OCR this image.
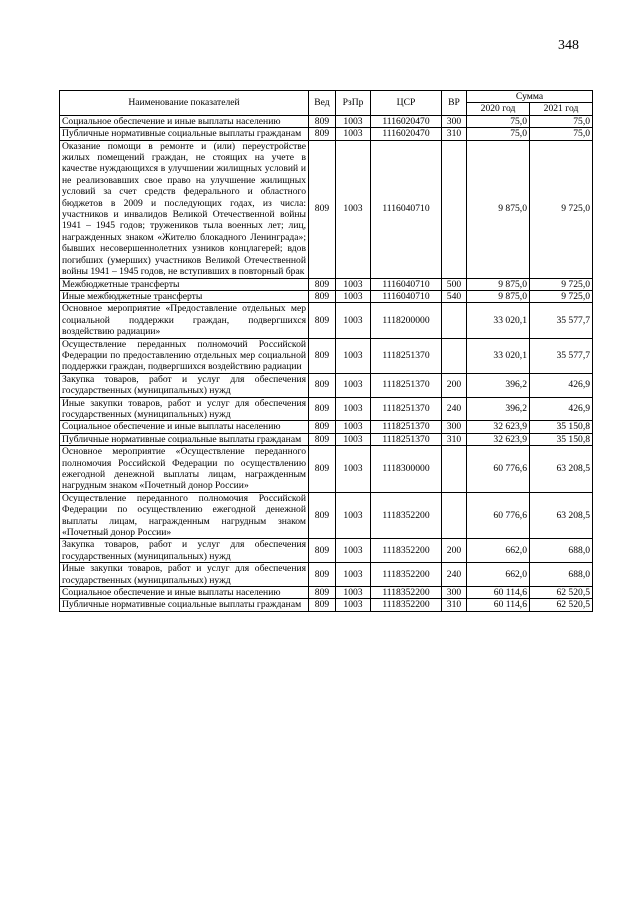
348
Наименование показателей	Вед	РзПр	ЦСР	ВР	Сумма	
					2020 год	2021 год
Социальное обеспечение и иные выплаты населению	809	1003	1116020470	300	75,0	75,0
Публичные нормативные социальные выплаты гражданам	809	1003	1116020470	310	75,0	75,0
Оказание помощи в ремонте и (или) переустройстве жилых помещений граждан, не стоящих на учете в качестве нуждающихся в улучшении жилищных условий и не реализовавших свое право на улучшение жилищных условий за счет средств федерального и областного бюджетов в 2009 и последующих годах, из числа: участников и инвалидов Великой Отечественной войны 1941 – 1945 годов; тружеников тыла военных лет; лиц, награжденных знаком «Жителю блокадного Ленинграда»; бывших несовершеннолетних узников концлагерей; вдов погибших (умерших) участников Великой Отечественной войны 1941 – 1945 годов, не вступивших в повторный брак	809	1003	1116040710		9 875,0	9 725,0
Межбюджетные трансферты	809	1003	1116040710	500	9 875,0	9 725,0
Иные межбюджетные трансферты	809	1003	1116040710	540	9 875,0	9 725,0
Основное мероприятие «Предоставление отдельных мер социальной поддержки граждан, подвергшихся воздействию радиации»	809	1003	1118200000		33 020,1	35 577,7
Осуществление переданных полномочий Российской Федерации по предоставлению отдельных мер социальной поддержки граждан, подвергшихся воздействию радиации	809	1003	1118251370		33 020,1	35 577,7
Закупка товаров, работ и услуг для обеспечения государственных (муниципальных) нужд	809	1003	1118251370	200	396,2	426,9
Иные закупки товаров, работ и услуг для обеспечения государственных (муниципальных) нужд	809	1003	1118251370	240	396,2	426,9
Социальное обеспечение и иные выплаты населению	809	1003	1118251370	300	32 623,9	35 150,8
Публичные нормативные социальные выплаты гражданам	809	1003	1118251370	310	32 623,9	35 150,8
Основное мероприятие «Осуществление переданного полномочия Российской Федерации по осуществлению ежегодной денежной выплаты лицам, награжденным нагрудным знаком «Почетный донор России»	809	1003	1118300000		60 776,6	63 208,5
Осуществление переданного полномочия Российской Федерации по осуществлению ежегодной денежной выплаты лицам, награжденным нагрудным знаком «Почетный донор России»	809	1003	1118352200		60 776,6	63 208,5
Закупка товаров, работ и услуг для обеспечения государственных (муниципальных) нужд	809	1003	1118352200	200	662,0	688,0
Иные закупки товаров, работ и услуг для обеспечения государственных (муниципальных) нужд	809	1003	1118352200	240	662,0	688,0
Социальное обеспечение и иные выплаты населению	809	1003	1118352200	300	60 114,6	62 520,5
Публичные нормативные социальные выплаты гражданам	809	1003	1118352200	310	60 114,6	62 520,5
